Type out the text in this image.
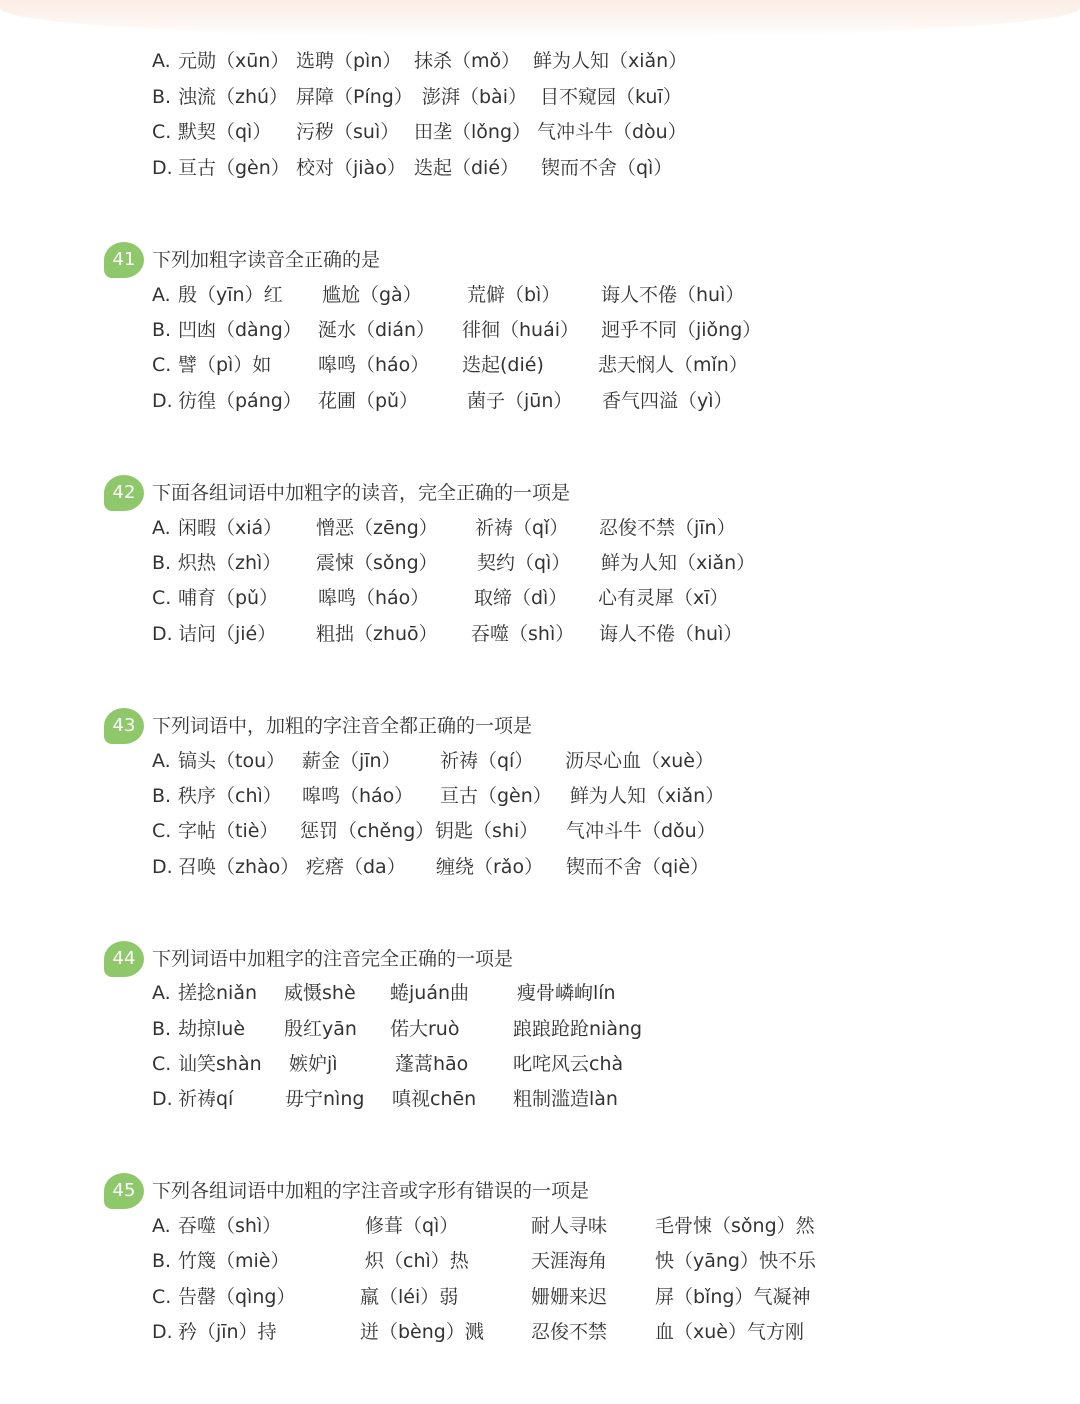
A. 元勋（xūn） 选聘（pìn） 抹杀（mǒ） 鲜为人知（xiǎn）
B. 浊流（zhú） 屏障（Píng） 澎湃（bài） 目不窥园（kuī）
C. 默契（qì） 污秽（suì） 田垄（lǒng） 气冲斗牛（dòu）
D. 亘古（gèn） 校对（jiào） 迭起（dié） 锲而不舍（qì）
41 下列加粗字读音全正确的是
A. 殷（yīn）红 尴尬（gà） 荒僻（bì） 诲人不倦（huì）
B. 凹凼（dàng） 涎水（dián） 徘徊（huái） 迥乎不同（jiǒng）
C. 譬（pì）如 嗥鸣（háo） 迭起(dié)	悲天悯人（mǐn）
D. 彷徨（páng） 花圃（pǔ）	菌子（jūn） 香气四溢（yì）
42 下面各组词语中加粗字的读音，完全正确的一项是
A. 闲暇（xiá） 憎恶（zēng） 祈祷（qǐ） 忍俊不禁（jīn）
B. 炽热（zhì） 震悚（sǒng） 契约（qì） 鲜为人知（xiǎn）
C. 哺育（pǔ） 嗥鸣（háo） 取缔（dì） 心有灵犀（xī）
D. 诘问（jié） 粗拙（zhuō） 吞噬（shì） 诲人不倦（huì）
43 下列词语中，加粗的字注音全都正确的一项是
A. 镐头（tou） 薪金（jīn） 祈祷（qí） 沥尽心血（xuè）
B. 秩序（chì） 嗥鸣（háo） 亘古（gèn） 鲜为人知（xiǎn）
C. 字帖（tiè） 惩罚（chěng） 钥匙（shi） 气冲斗牛（dǒu）
D. 召唤（zhào） 疙瘩（da） 缠绕（rǎo） 锲而不舍（qiè）
44 下列词语中加粗字的注音完全正确的一项是
A. 搓捻niǎn 威慑shè 蜷juán曲	瘦骨嶙峋lín
B. 劫掠luè 殷红yān 偌大ruò	踉踉跄跄niàng
C. 讪笑shàn 嫉妒jì	蓬蒿hāo 叱咤风云chà
D. 祈祷qí	毋宁nìng 嗔视chēn 粗制滥造làn
45 下列各组词语中加粗的字注音或字形有错误的一项是
A. 吞噬（shì）	修葺（qì）	耐人寻味	毛骨悚（sǒng）然
B. 竹篾（miè）	炽（chì）热	天涯海角	怏（yāng）怏不乐
C. 告罄（qìng）	羸（léi）弱	姗姗来迟	屏（bǐng）气凝神
D. 矜（jīn）持	迸（bèng）溅 忍俊不禁	血（xuè）气方刚
